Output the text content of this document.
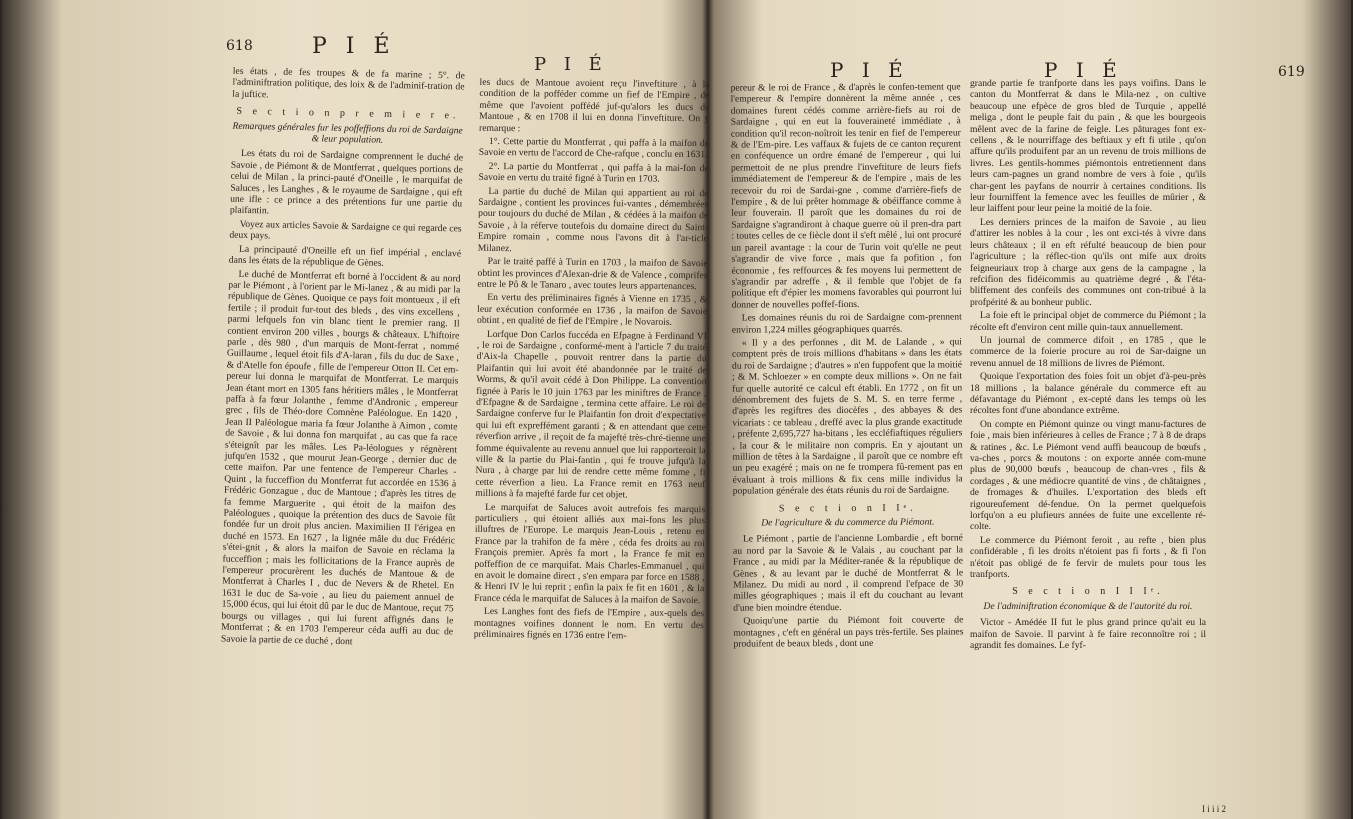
618	P I É
P I É

les états , de fes troupes & de fa marine ; 5°. de l'adminiftration politique, des loix & de l'adminif-tration de la juftice.

S e c t i o n p r e m i e r e.
Remarques générales fur les poffeffions du roi de Sardaigne & leur population.

Les états du roi de Sardaigne comprennent le duché de Savoie , de Piémont & de Montferrat , quelques portions de celui de Milan , la princi-pauté d'Oneille , le marquifat de Saluces , les Langhes , & le royaume de Sardaigne , qui eft une ifle : ce prince a des prétentions fur une partie du plaifantin.

Voyez aux articles Savoie & Sardaigne ce qui regarde ces deux pays.

La principauté d'Oneille eft un fief impérial , enclavé dans les états de la république de Gènes.

Le duché de Montferrat eft borné à l'occident & au nord par le Piémont , à l'orient par le Mi-lanez , & au midi par la république de Gènes. Quoique ce pays foit montueux , il eft fertile ; il produit fur-tout des bleds , des vins excellens , parmi lefquels fon vin blanc tient le premier rang. Il contient environ 200 villes , bourgs & châteaux. L'hiftoire parle , dès 980 , d'un marquis de Mont-ferrat , nommé Guillaume , lequel étoit fils d'A-laran , fils du duc de Saxe , & d'Atelle fon époufe , fille de l'empereur Otton II. Cet em-pereur lui donna le marquifat de Montferrat. Le marquis Jean étant mort en 1305 fans héritiers mâles , le Montferrat paffa à fa fœur Jolanthe , femme d'Andronic , empereur grec , fils de Théo-dore Comnène Paléologue. En 1420 , Jean II Paléologue maria fa fœur Jolanthe à Aimon , comte de Savoie , & lui donna fon marquifat , au cas que fa race s'éteignît par les mâles. Les Pa-léologues y régnèrent jufqu'en 1532 , que mourut Jean-George , dernier duc de cette maifon. Par une fentence de l'empereur Charles - Quint , la fucceffion du Montferrat fut accordée en 1536 à Frédéric Gonzague , duc de Mantoue ; d'après les titres de fa femme Marguerite , qui étoit de la maifon des Paléologues , quoique la prétention des ducs de Savoie fût fondée fur un droit plus ancien. Maximilien II l'érigea en duché en 1573. En 1627 , la lignée mâle du duc Frédéric s'étei-gnit , & alors la maifon de Savoie en réclama la fucceffion ; mais les follicitations de la France auprès de l'empereur procurèrent les duchés de Mantoue & de Montferrat à Charles I , duc de Nevers & de Rhetel. En 1631 le duc de Sa-voie , au lieu du paiement annuel de 15,000 écus, qui lui étoit dû par le duc de Mantoue, reçut 75 bourgs ou villages , qui lui furent affignés dans le Montferrat ; & en 1703 l'empereur céda auffi au duc de Savoie la partie de ce duché , dont

les ducs de Mantoue avoient reçu l'inveftiture , à la condition de la pofféder comme un fief de l'Empire , de même que l'avoient poffédé juf-qu'alors les ducs de Mantoue , & en 1708 il lui en donna l'inveftiture. On y remarque :

1°. Cette partie du Montferrat , qui paffa à la maifon de Savoie en vertu de l'accord de Che-rafque , conclu en 1631.

2°. La partie du Montferrat , qui paffa à la mai-fon de Savoie en vertu du traité figné à Turin en 1703.

La partie du duché de Milan qui appartient au roi de Sardaigne , contient les provinces fui-vantes , démembrées pour toujours du duché de Milan , & cédées à la maifon de Savoie , à la réferve toutefois du domaine direct du Saint-Empire romain , comme nous l'avons dit à l'ar-ticle Milanez.

Par le traité paffé à Turin en 1703 , la maifon de Savoie obtint les provinces d'Alexan-drie & de Valence , comprifes entre le Pô & le Tanaro , avec toutes leurs appartenances.

En vertu des préliminaires fignés à Vienne en 1735 , & leur exécution conformée en 1736 , la maifon de Savoie obtint , en qualité de fief de l'Empire , le Novarois.

Lorfque Don Carlos fuccéda en Efpagne à Ferdinand VI , le roi de Sardaigne , conformé-ment à l'article 7 du traité d'Aix-la Chapelle , pouvoit rentrer dans la partie du Plaifantin qui lui avoit été abandonnée par le traité de Worms, & qu'il avoit cédé à Don Philippe. La convention fignée à Paris le 10 juin 1763 par les miniftres de France , d'Efpagne & de Sardaigne , termina cette affaire. Le roi de Sardaigne conferve fur le Plaifantin fon droit d'expectative qui lui eft expreffément garanti ; & en attendant que cette réverfion arrive , il reçoit de fa majefté très-chré-tienne une fomme équivalente au revenu annuel que lui rapporteroit la ville & la partie du Plai-fantin , qui fe trouve jufqu'à la Nura , à charge par lui de rendre cette même fomme , fi cette réverfion a lieu. La France remit en 1763 neuf millions à fa majefté farde fur cet objet.

Le marquifat de Saluces avoit autrefois fes marquis particuliers , qui étoient alliés aux mai-fons les plus illuftres de l'Europe. Le marquis Jean-Louis , retenu en France par la trahifon de fa mère , céda fes droits au roi François premier. Après fa mort , la France fe mit en poffeffion de ce marquifat. Mais Charles-Emmanuel , qui en avoit le domaine direct , s'en empara par force en 1588 , & Henri IV le lui reprit ; enfin la paix fe fit en 1601 , & la France céda le marquifat de Saluces à la maifon de Savoie.

Les Langhes font des fiefs de l'Empire , aux-quels des montagnes voifines donnent le nom. En vertu des préliminaires fignés en 1736 entre l'em-

P I É	P I É	619

pereur & le roi de France , & d'après le confen-tement que l'empereur & l'empire donnèrent la même année , ces domaines furent cédés comme arrière-fiefs au roi de Sardaigne , qui en eut la fouveraineté immédiate , à condition qu'il recon-noîtroit les tenir en fief de l'empereur & de l'Em-pire. Les vaffaux & fujets de ce canton reçurent en conféquence un ordre émané de l'empereur , qui lui permettoit de ne plus prendre l'inveftiture de leurs fiefs immédiatement de l'empereur & de l'empire , mais de les recevoir du roi de Sardai-gne , comme d'arrière-fiefs de l'empire , & de lui prêter hommage & obéiffance comme à leur fouverain. Il paroît que les domaines du roi de Sardaigne s'agrandiront à chaque guerre où il pren-dra part : toutes celles de ce fiècle dont il s'eft mêlé , lui ont procuré un pareil avantage : la cour de Turin voit qu'elle ne peut s'agrandir de vive force , mais que fa pofition , fon économie , fes reffources & fes moyens lui permettent de s'agrandir par adreffe , & il femble que l'objet de fa politique eft d'épier les momens favorables qui pourront lui donner de nouvelles poffef-fions.

Les domaines réunis du roi de Sardaigne com-prennent environ 1,224 milles géographiques quarrés.

« Il y a des perfonnes , dit M. de Lalande , » qui comptent près de trois millions d'habitans » dans les états du roi de Sardaigne ; d'autres » n'en fuppofent que la moitié ; & M. Schloezer » en compte deux millions ». On ne fait fur quelle autorité ce calcul eft établi. En 1772 , on fit un dénombrement des fujets de S. M. S. en terre ferme , d'après les regiftres des diocèfes , des abbayes & des vicariats : ce tableau , dreffé avec la plus grande exactitude , préfente 2,695,727 ha-bitans , les eccléfiaftiques réguliers , la cour & le militaire non compris. En y ajoutant un million de têtes à la Sardaigne , il paroît que ce nombre eft un peu exagéré ; mais on ne fe trompera fû-rement pas en évaluant à trois millions & fix cens mille individus la population générale des états réunis du roi de Sardaigne.

S e c t i o n I Iᵉ.
De l'agriculture & du commerce du Piémont.

Le Piémont , partie de l'ancienne Lombardie , eft borné au nord par la Savoie & le Valais , au couchant par la France , au midi par la Méditer-ranée & la république de Gènes , & au levant par le duché de Montferrat & le Milanez. Du midi au nord , il comprend l'efpace de 30 milles géographiques ; mais il eft du couchant au levant d'une bien moindre étendue.

Quoiqu'une partie du Piémont foit couverte de montagnes , c'eft en général un pays très-fertile. Ses plaines produifent de beaux bleds , dont une

grande partie fe tranfporte dans les pays voifins. Dans le canton du Montferrat & dans le Mila-nez , on cultive beaucoup une efpèce de gros bled de Turquie , appellé meliga , dont le peuple fait du pain , & que les bourgeois mêlent avec de la farine de feigle. Les pâturages font ex-cellens , & le nourriffage des beftiaux y eft fi utile , qu'on affure qu'ils produifent par an un revenu de trois millions de livres. Les gentils-hommes piémontois entretiennent dans leurs cam-pagnes un grand nombre de vers à foie , qu'ils char-gent les payfans de nourrir à certaines conditions. Ils leur fourniffent la femence avec les feuilles de mûrier , & leur laiffent pour leur peine la moitié de la foie.

Les derniers princes de la maifon de Savoie , au lieu d'attirer les nobles à la cour , les ont exci-tés à vivre dans leurs châteaux ; il en eft réfulté beaucoup de bien pour l'agriculture ; la réflec-tion qu'ils ont mife aux droits feigneuriaux trop à charge aux gens de la campagne , la refcifion des fidéicommis au quatrième degré , & l'éta-bliffement des confeils des communes ont con-tribué à la profpérité & au bonheur public.

La foie eft le principal objet de commerce du Piémont ; la récolte eft d'environ cent mille quin-taux annuellement.

Un journal de commerce difoit , en 1785 , que le commerce de la foierie procure au roi de Sar-daigne un revenu annuel de 18 millions de livres de Piémont.

Quoique l'exportation des foies foit un objet d'à-peu-près 18 millions , la balance générale du commerce eft au défavantage du Piémont , ex-cepté dans les temps où les récoltes font d'une abondance extrême.

On compte en Piémont quinze ou vingt manu-factures de foie , mais bien inférieures à celles de France ; 7 à 8 de draps & ratines , &c. Le Piémont vend auffi beaucoup de bœufs , va-ches , porcs & moutons : on exporte année com-mune plus de 90,000 bœufs , beaucoup de chan-vres , fils & cordages , & une médiocre quantité de vins , de châtaignes , de fromages & d'huiles. L'exportation des bleds eft rigoureufement dé-fendue. On la permet quelquefois lorfqu'on a eu plufieurs années de fuite une excellente ré-colte.

Le commerce du Piémont feroit , au refte , bien plus confidérable , fi les droits n'étoient pas fi forts , & fi l'on n'étoit pas obligé de fe fervir de mulets pour tous les tranfports.

S e c t i o n I I Iᵉ.
De l'adminiftration économique & de l'autorité du roi.

Victor - Amédée II fut le plus grand prince qu'ait eu la maifon de Savoie. Il parvint à fe faire reconnoître roi ; il agrandit fes domaines. Le fyf-

I i i i 2
